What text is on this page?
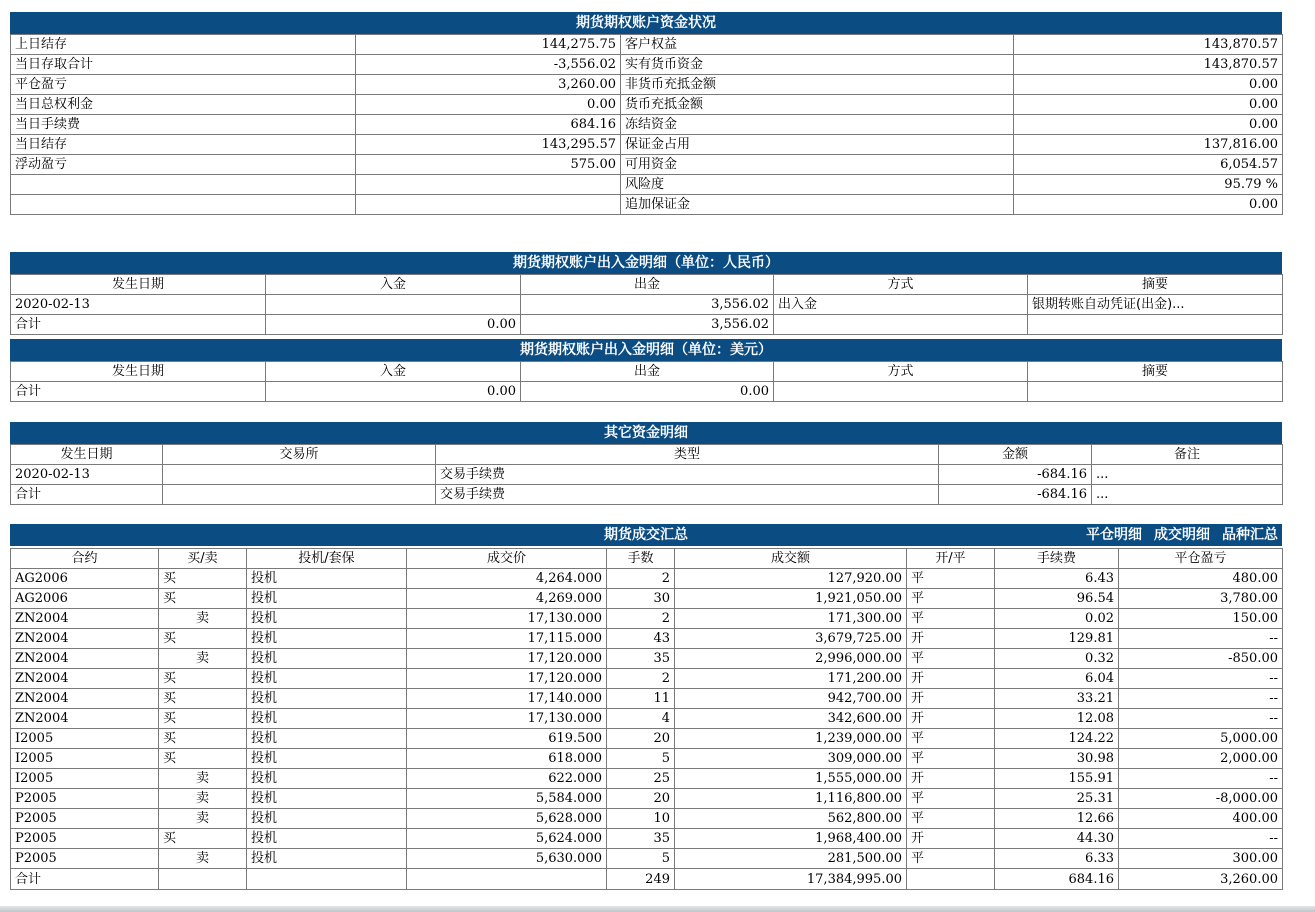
期货期权账户资金状况
上日结存	144,275.75	客户权益	143,870.57
当日存取合计	-3,556.02	实有货币资金	143,870.57
平仓盈亏	3,260.00	非货币充抵金额	0.00
当日总权利金	0.00	货币充抵金额	0.00
当日手续费	684.16	冻结资金	0.00
当日结存	143,295.57	保证金占用	137,816.00
浮动盈亏	575.00	可用资金	6,054.57
		风险度	95.79 %
		追加保证金	0.00
期货期权账户出入金明细（单位：人民币）
发生日期	入金	出金	方式	摘要
2020-02-13		3,556.02	出入金	银期转账自动凭证(出金)...
合计	0.00	3,556.02		
期货期权账户出入金明细（单位：美元）
发生日期	入金	出金	方式	摘要
合计	0.00	0.00		
其它资金明细
发生日期	交易所	类型	金额	备注
2020-02-13		交易手续费	-684.16	...
合计		交易手续费	-684.16	...
期货成交汇总	平仓明细 成交明细 品种汇总
合约	买/卖	投机/套保	成交价	手数	成交额	开/平	手续费	平仓盈亏
AG2006	买	投机	4,264.000	2	127,920.00	平	6.43	480.00
AG2006	买	投机	4,269.000	30	1,921,050.00	平	96.54	3,780.00
ZN2004	卖	投机	17,130.000	2	171,300.00	平	0.02	150.00
ZN2004	买	投机	17,115.000	43	3,679,725.00	开	129.81	--
ZN2004	卖	投机	17,120.000	35	2,996,000.00	平	0.32	-850.00
ZN2004	买	投机	17,120.000	2	171,200.00	开	6.04	--
ZN2004	买	投机	17,140.000	11	942,700.00	开	33.21	--
ZN2004	买	投机	17,130.000	4	342,600.00	开	12.08	--
I2005	买	投机	619.500	20	1,239,000.00	平	124.22	5,000.00
I2005	买	投机	618.000	5	309,000.00	平	30.98	2,000.00
I2005	卖	投机	622.000	25	1,555,000.00	开	155.91	--
P2005	卖	投机	5,584.000	20	1,116,800.00	平	25.31	-8,000.00
P2005	卖	投机	5,628.000	10	562,800.00	平	12.66	400.00
P2005	买	投机	5,624.000	35	1,968,400.00	开	44.30	--
P2005	卖	投机	5,630.000	5	281,500.00	平	6.33	300.00
合计				249	17,384,995.00		684.16	3,260.00
